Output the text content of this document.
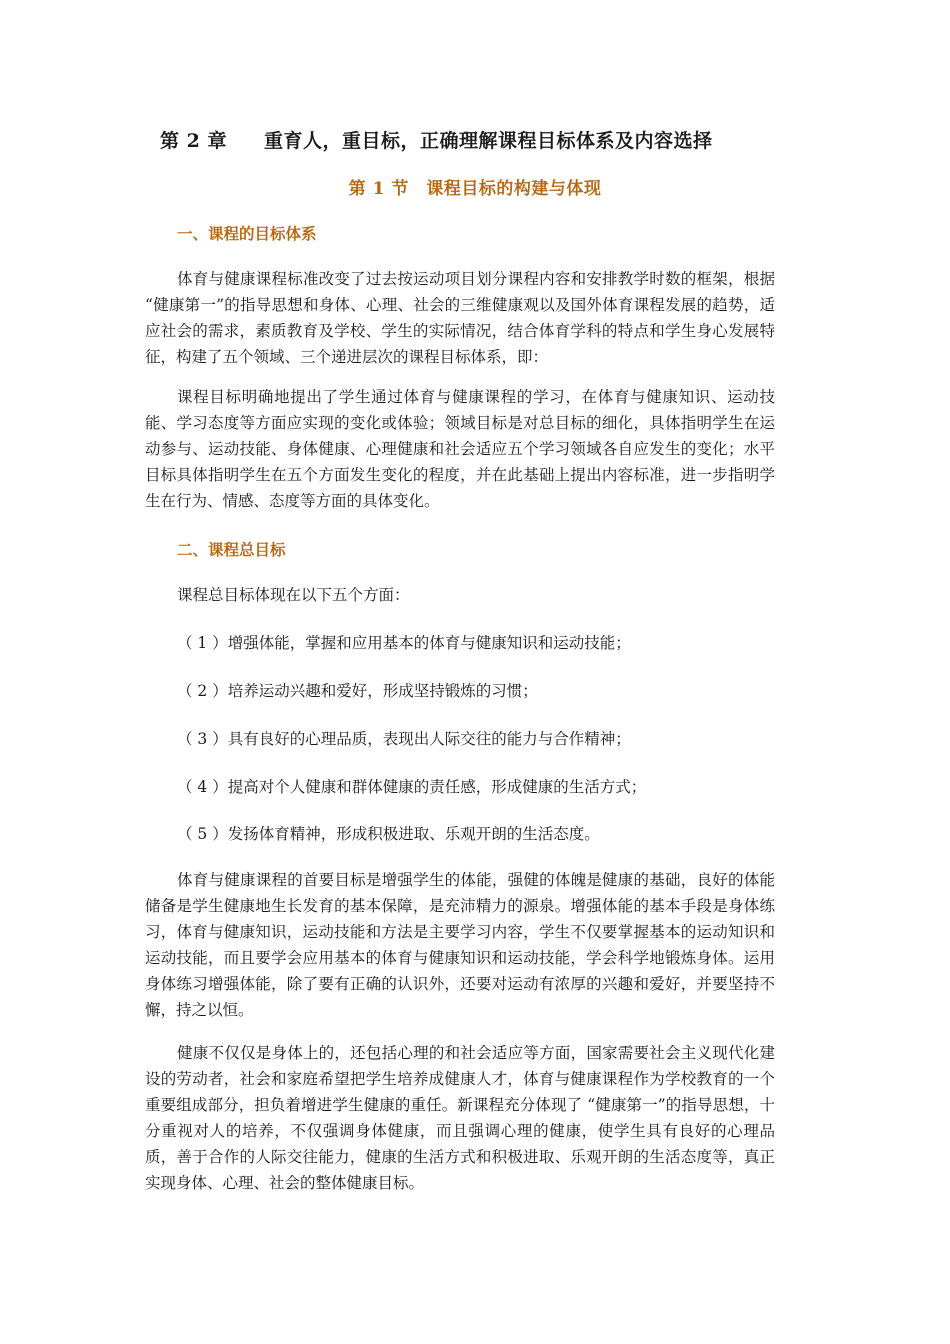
第 2 章 重育人，重目标，正确理解课程目标体系及内容选择
第 1 节　课程目标的构建与体现
一、课程的目标体系
体育与健康课程标准改变了过去按运动项目划分课程内容和安排教学时数的框架，根据 “健康第一”的指导思想和身体、心理、社会的三维健康观以及国外体育课程发展的趋势，适应社会的需求，素质教育及学校、学生的实际情况，结合体育学科的特点和学生身心发展特征，构建了五个领域、三个递进层次的课程目标体系，即：
课程目标明确地提出了学生通过体育与健康课程的学习，在体育与健康知识、运动技能、学习态度等方面应实现的变化或体验；领域目标是对总目标的细化，具体指明学生在运动参与、运动技能、身体健康、心理健康和社会适应五个学习领域各自应发生的变化；水平目标具体指明学生在五个方面发生变化的程度，并在此基础上提出内容标准，进一步指明学生在行为、情感、态度等方面的具体变化。
二、课程总目标
课程总目标体现在以下五个方面：
（ 1 ）增强体能，掌握和应用基本的体育与健康知识和运动技能；
（ 2 ）培养运动兴趣和爱好，形成坚持锻炼的习惯；
（ 3 ）具有良好的心理品质，表现出人际交往的能力与合作精神；
（ 4 ）提高对个人健康和群体健康的责任感，形成健康的生活方式；
（ 5 ）发扬体育精神，形成积极进取、乐观开朗的生活态度。
体育与健康课程的首要目标是增强学生的体能，强健的体魄是健康的基础，良好的体能储备是学生健康地生长发育的基本保障，是充沛精力的源泉。增强体能的基本手段是身体练习，体育与健康知识，运动技能和方法是主要学习内容，学生不仅要掌握基本的运动知识和运动技能，而且要学会应用基本的体育与健康知识和运动技能，学会科学地锻炼身体。运用身体练习增强体能，除了要有正确的认识外，还要对运动有浓厚的兴趣和爱好，并要坚持不懈，持之以恒。
健康不仅仅是身体上的，还包括心理的和社会适应等方面，国家需要社会主义现代化建设的劳动者，社会和家庭希望把学生培养成健康人才，体育与健康课程作为学校教育的一个重要组成部分，担负着增进学生健康的重任。新课程充分体现了 “健康第一”的指导思想，十分重视对人的培养，不仅强调身体健康，而且强调心理的健康，使学生具有良好的心理品质，善于合作的人际交往能力，健康的生活方式和积极进取、乐观开朗的生活态度等，真正实现身体、心理、社会的整体健康目标。
